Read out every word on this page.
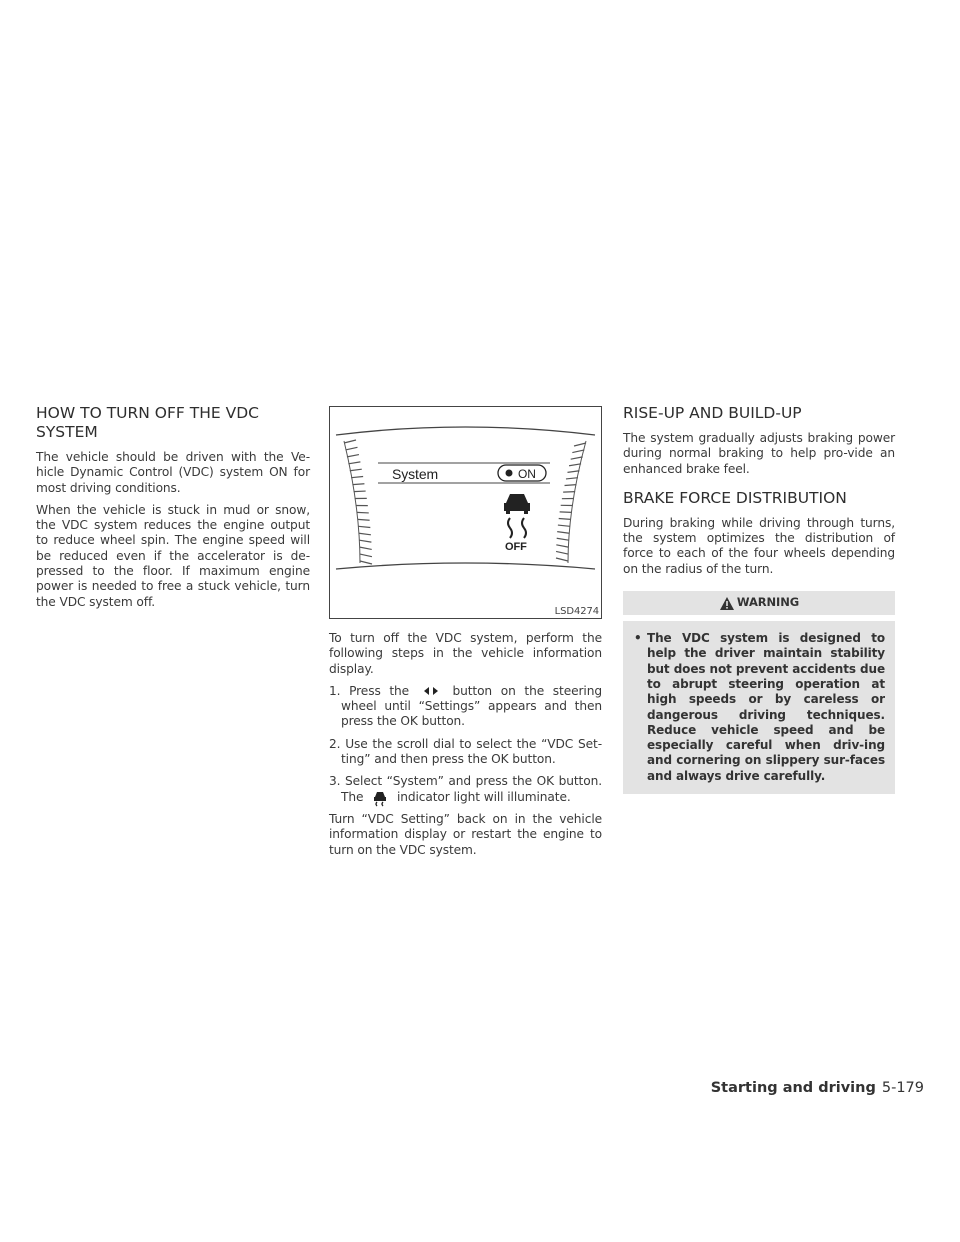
HOW TO TURN OFF THE VDC SYSTEM

The vehicle should be driven with the Ve-hicle Dynamic Control (VDC) system ON for most driving conditions.

When the vehicle is stuck in mud or snow, the VDC system reduces the engine output to reduce wheel spin. The engine speed will be reduced even if the accelerator is de-pressed to the floor. If maximum engine power is needed to free a stuck vehicle, turn the VDC system off.

System	ON
OFF
LSD4274

To turn off the VDC system, perform the following steps in the vehicle information display.

1. Press the	button on the steering wheel until “Settings” appears and then press the OK button.
2. Use the scroll dial to select the “VDC Set-ting” and then press the OK button.
3. Select “System” and press the OK button. The	indicator light will illuminate.

Turn “VDC Setting” back on in the vehicle information display or restart the engine to turn on the VDC system.

RISE-UP AND BUILD-UP

The system gradually adjusts braking power during normal braking to help pro-vide an enhanced brake feel.

BRAKE FORCE DISTRIBUTION

During braking while driving through turns, the system optimizes the distribution of force to each of the four wheels depending on the radius of the turn.

WARNING
• The VDC system is designed to help the driver maintain stability but does not prevent accidents due to abrupt steering operation at high speeds or by careless or dangerous driving techniques. Reduce vehicle speed and be especially careful when driv-ing and cornering on slippery sur-faces and always drive carefully.
Starting and driving 5-179
